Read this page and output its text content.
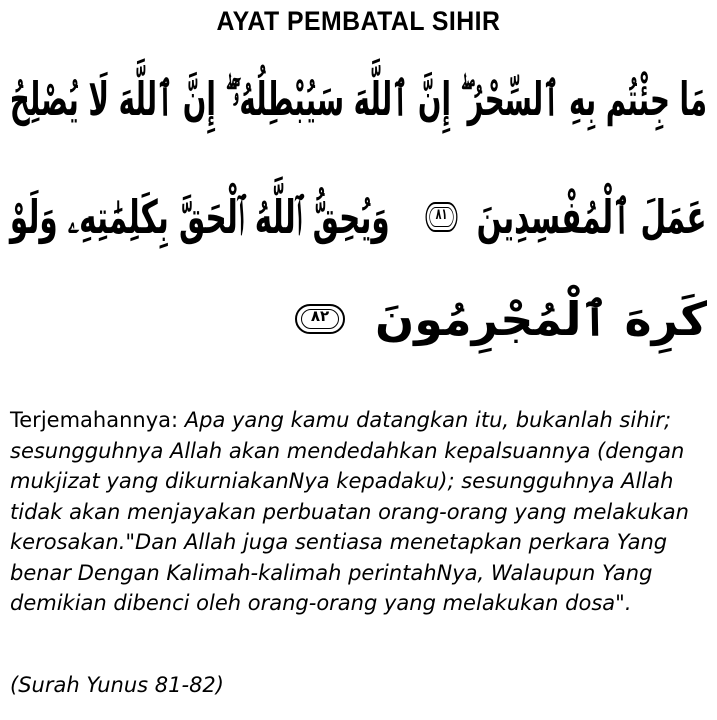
AYAT PEMBATAL SIHIR
مَا جِئْتُم بِهِ ٱلسِّحْرُ ۖ إِنَّ ٱللَّهَ سَيُبْطِلُهُۥٓ ۖ إِنَّ ٱللَّهَ لَا يُصْلِحُ
عَمَلَ ٱلْمُفْسِدِينَ
٨١
وَيُحِقُّ ٱللَّهُ ٱلْحَقَّ بِكَلِمَٰتِهِۦ وَلَوْ
كَرِهَ ٱلْمُجْرِمُونَ
٨٢
Terjemahannya: Apa yang kamu datangkan itu, bukanlah sihir;
sesungguhnya Allah akan mendedahkan kepalsuannya (dengan
mukjizat yang dikurniakanNya kepadaku); sesungguhnya Allah
tidak akan menjayakan perbuatan orang-orang yang melakukan
kerosakan."Dan Allah juga sentiasa menetapkan perkara Yang
benar Dengan Kalimah-kalimah perintahNya, Walaupun Yang
demikian dibenci oleh orang-orang yang melakukan dosa".
(Surah Yunus 81-82)
